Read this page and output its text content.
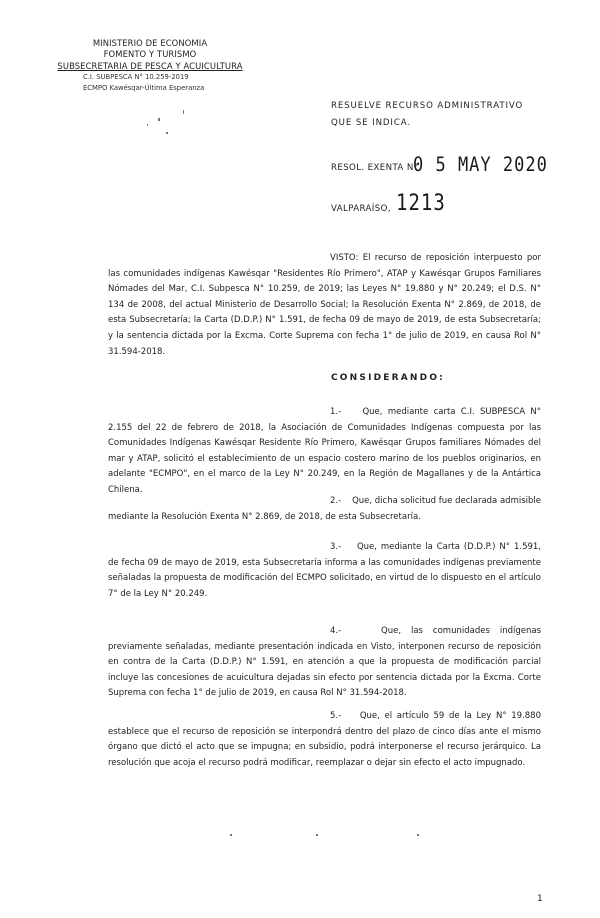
MINISTERIO DE ECONOMIA
FOMENTO Y TURISMO
SUBSECRETARIA DE PESCA Y ACUICULTURA
C.I. SUBPESCA N° 10.259-2019
ECMPO Kawésqar-Última Esperanza
RESUELVE RECURSO ADMINISTRATIVO QUE SE INDICA.
RESOL. EXENTA N°
0 5 MAY 2020
VALPARAÍSO, 1213
VISTO: El recurso de reposición interpuesto por las comunidades indígenas Kawésqar "Residentes Río Primero", ATAP y Kawésqar Grupos Familiares Nómades del Mar, C.I. Subpesca N° 10.259, de 2019; las Leyes N° 19.880 y N° 20.249; el D.S. N° 134 de 2008, del actual Ministerio de Desarrollo Social; la Resolución Exenta N° 2.869, de 2018, de esta Subsecretaría; la Carta (D.D.P.) N° 1.591, de fecha 09 de mayo de 2019, de esta Subsecretaría; y la sentencia dictada por la Excma. Corte Suprema con fecha 1° de julio de 2019, en causa Rol N° 31.594-2018.
CONSIDERANDO:
1.-	Que, mediante carta C.I. SUBPESCA N° 2.155 del 22 de febrero de 2018, la Asociación de Comunidades Indígenas compuesta por las Comunidades Indígenas Kawésqar Residente Río Primero, Kawésqar Grupos familiares Nómades del mar y ATAP, solicitó el establecimiento de un espacio costero marino de los pueblos originarios, en adelante "ECMPO", en el marco de la Ley N° 20.249, en la Región de Magallanes y de la Antártica Chilena.
2.- Que, dicha solicitud fue declarada admisible mediante la Resolución Exenta N° 2.869, de 2018, de esta Subsecretaría.
3.- Que, mediante la Carta (D.D.P.) N° 1.591, de fecha 09 de mayo de 2019, esta Subsecretaría informa a las comunidades indígenas previamente señaladas la propuesta de modificación del ECMPO solicitado, en virtud de lo dispuesto en el artículo 7° de la Ley N° 20.249.
4.-	Que, las comunidades indígenas previamente señaladas, mediante presentación indicada en Visto, interponen recurso de reposición en contra de la Carta (D.D.P.) N° 1.591, en atención a que la propuesta de modificación parcial incluye las concesiones de acuicultura dejadas sin efecto por sentencia dictada por la Excma. Corte Suprema con fecha 1° de julio de 2019, en causa Rol N° 31.594-2018.
5.- Que, el artículo 59 de la Ley N° 19.880 establece que el recurso de reposición se interpondrá dentro del plazo de cinco días ante el mismo órgano que dictó el acto que se impugna; en subsidio, podrá interponerse el recurso jerárquico. La resolución que acoja el recurso podrá modificar, reemplazar o dejar sin efecto el acto impugnado.
1
